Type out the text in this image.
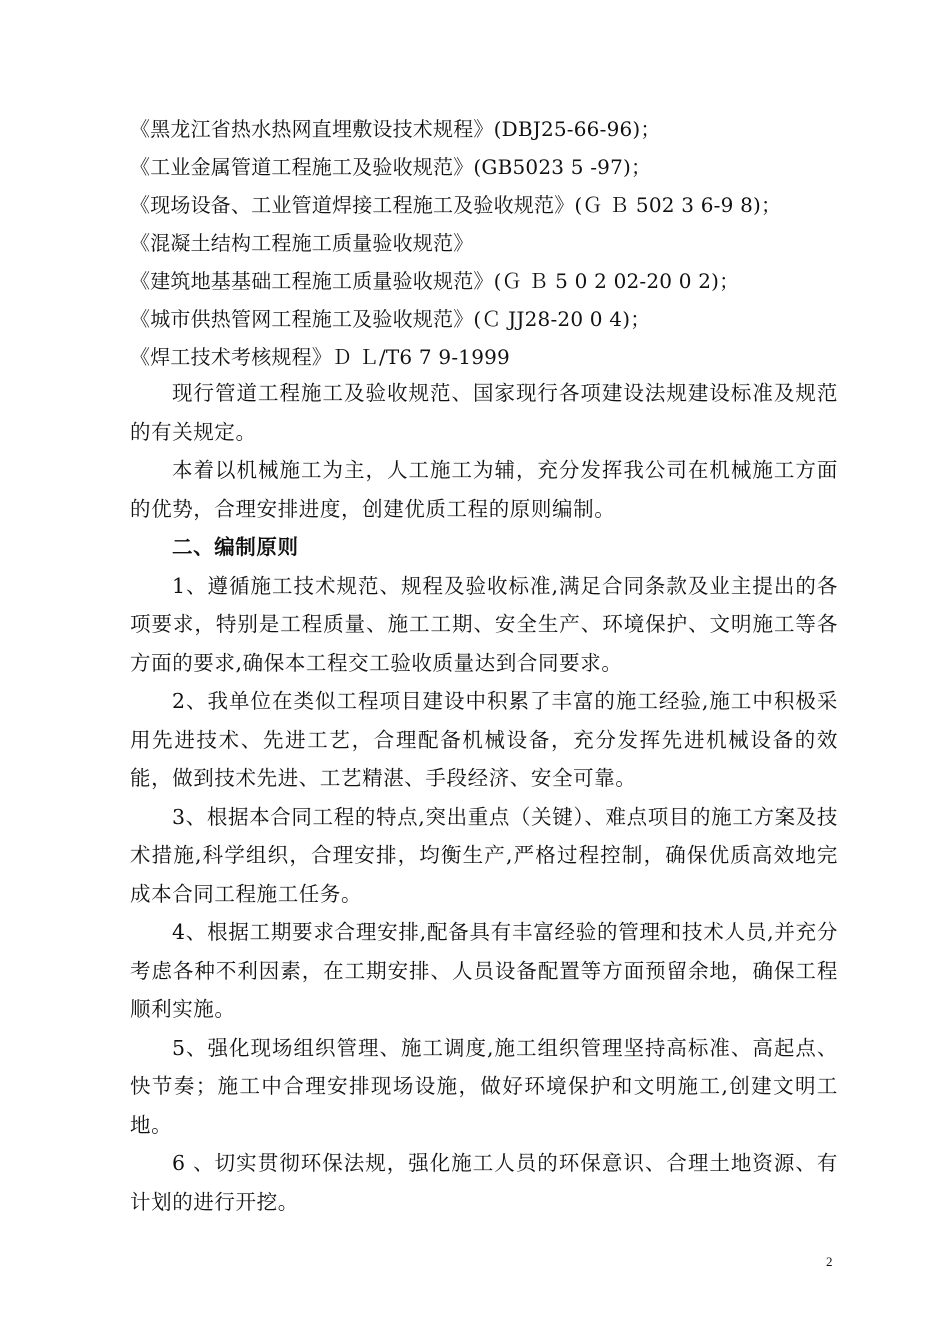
《黑龙江省热水热网直埋敷设技术规程》(DBJ25-66-96)；
《工业金属管道工程施工及验收规范》(GB5023 5 -97)；
《现场设备、工业管道焊接工程施工及验收规范》(Ｇ Ｂ 502 3 6-9 8)；
《混凝土结构工程施工质量验收规范》
《建筑地基基础工程施工质量验收规范》(Ｇ Ｂ 5 0 2 02-20 0 2)；
《城市供热管网工程施工及验收规范》(Ｃ JJ28-20 0 4)；
《焊工技术考核规程》Ｄ Ｌ/T6 7 9-1999

现行管道工程施工及验收规范、国家现行各项建设法规建设标准及规范的有关规定。

本着以机械施工为主，人工施工为辅，充分发挥我公司在机械施工方面的优势，合理安排进度，创建优质工程的原则编制。

二、编制原则

1、遵循施工技术规范、规程及验收标准,满足合同条款及业主提出的各项要求，特别是工程质量、施工工期、安全生产、环境保护、文明施工等各方面的要求,确保本工程交工验收质量达到合同要求。

2、我单位在类似工程项目建设中积累了丰富的施工经验,施工中积极采用先进技术、先进工艺，合理配备机械设备，充分发挥先进机械设备的效能，做到技术先进、工艺精湛、手段经济、安全可靠。

3、根据本合同工程的特点,突出重点（关键）、难点项目的施工方案及技术措施,科学组织，合理安排，均衡生产,严格过程控制，确保优质高效地完成本合同工程施工任务。

4、根据工期要求合理安排,配备具有丰富经验的管理和技术人员,并充分考虑各种不利因素，在工期安排、人员设备配置等方面预留余地，确保工程顺利实施。

5、强化现场组织管理、施工调度,施工组织管理坚持高标准、高起点、快节奏；施工中合理安排现场设施，做好环境保护和文明施工,创建文明工地。

6 、切实贯彻环保法规，强化施工人员的环保意识、合理土地资源、有计划的进行开挖。

2
